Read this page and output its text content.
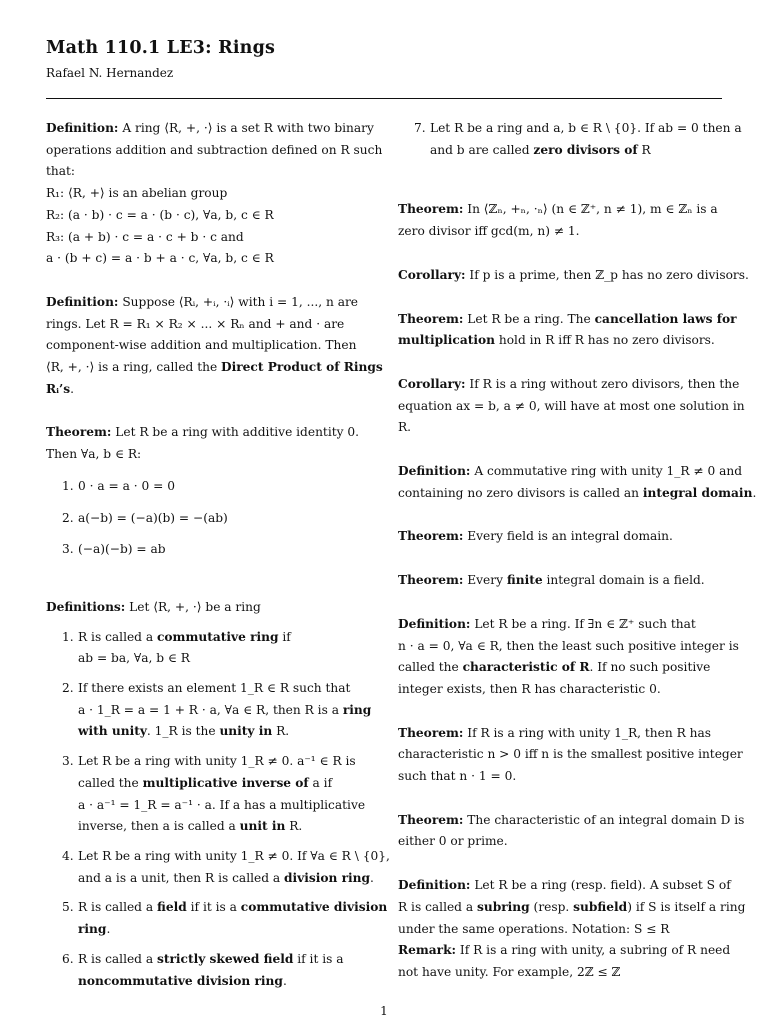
Math 110.1 LE3: Rings
Rafael N. Hernandez
Definition: A ring ⟨R, +, ·⟩ is a set R with two binary
operations addition and subtraction defined on R such
that:
R₁: ⟨R, +⟩ is an abelian group
R₂: (a · b) · c = a · (b · c), ∀a, b, c ∈ R
R₃: (a + b) · c = a · c + b · c and
a · (b + c) = a · b + a · c, ∀a, b, c ∈ R
Definition: Suppose ⟨Rᵢ, +ᵢ, ·ᵢ⟩ with i = 1, ..., n are
rings. Let R = R₁ × R₂ × ... × Rₙ and + and · are
component-wise addition and multiplication. Then
⟨R, +, ·⟩ is a ring, called the Direct Product of Rings
Rᵢ’s.
Theorem: Let R be a ring with additive identity 0.
Then ∀a, b ∈ R:
1. 0 · a = a · 0 = 0
2. a(−b) = (−a)(b) = −(ab)
3. (−a)(−b) = ab
Definitions: Let ⟨R, +, ·⟩ be a ring
1. R is called a commutative ring if
ab = ba, ∀a, b ∈ R
2. If there exists an element 1_R ∈ R such that
a · 1_R = a = 1 + R · a, ∀a ∈ R, then R is a ring
with unity. 1_R is the unity in R.
3. Let R be a ring with unity 1_R ≠ 0. a⁻¹ ∈ R is
called the multiplicative inverse of a if
a · a⁻¹ = 1_R = a⁻¹ · a. If a has a multiplicative
inverse, then a is called a unit in R.
4. Let R be a ring with unity 1_R ≠ 0. If ∀a ∈ R \ {0},
and a is a unit, then R is called a division ring.
5. R is called a field if it is a commutative division
ring.
6. R is called a strictly skewed field if it is a
noncommutative division ring.
7. Let R be a ring and a, b ∈ R \ {0}. If ab = 0 then a
and b are called zero divisors of R
Theorem: In ⟨ℤₙ, +ₙ, ·ₙ⟩ (n ∈ ℤ⁺, n ≠ 1), m ∈ ℤₙ is a
zero divisor iff gcd(m, n) ≠ 1.
Corollary: If p is a prime, then ℤ_p has no zero divisors.
Theorem: Let R be a ring. The cancellation laws for
multiplication hold in R iff R has no zero divisors.
Corollary: If R is a ring without zero divisors, then the
equation ax = b, a ≠ 0, will have at most one solution in
R.
Definition: A commutative ring with unity 1_R ≠ 0 and
containing no zero divisors is called an integral domain.
Theorem: Every field is an integral domain.
Theorem: Every finite integral domain is a field.
Definition: Let R be a ring. If ∃n ∈ ℤ⁺ such that
n · a = 0, ∀a ∈ R, then the least such positive integer is
called the characteristic of R. If no such positive
integer exists, then R has characteristic 0.
Theorem: If R is a ring with unity 1_R, then R has
characteristic n > 0 iff n is the smallest positive integer
such that n · 1 = 0.
Theorem: The characteristic of an integral domain D is
either 0 or prime.
Definition: Let R be a ring (resp. field). A subset S of
R is called a subring (resp. subfield) if S is itself a ring
under the same operations. Notation: S ≤ R
Remark: If R is a ring with unity, a subring of R need
not have unity. For example, 2ℤ ≤ ℤ
1
